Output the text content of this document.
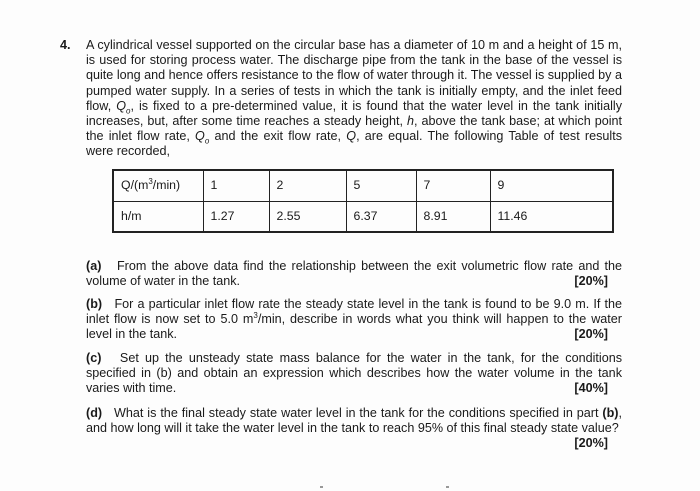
4. A cylindrical vessel supported on the circular base has a diameter of 10 m and a height of 15 m, is used for storing process water. The discharge pipe from the tank in the base of the vessel is quite long and hence offers resistance to the flow of water through it. The vessel is supplied by a pumped water supply. In a series of tests in which the tank is initially empty, and the inlet feed flow, $Q_o$, is fixed to a pre-determined value, it is found that the water level in the tank initially increases, but, after some time reaches a steady height, h, above the tank base; at which point the inlet flow rate, $Q_o$ and the exit flow rate, Q, are equal. The following Table of test results were recorded,
$Q/(m^3/\min)$	1	2	5	7	9
h/m	1.27	2.55	6.37	8.91	11.46
(a) From the above data find the relationship between the exit volumetric flow rate and the volume of water in the tank.	[20%]
(b) For a particular inlet flow rate the steady state level in the tank is found to be 9.0 m. If the inlet flow is now set to 5.0 $m^3/\min$, describe in words what you think will happen to the water level in the tank.	[20%]
(c) Set up the unsteady state mass balance for the water in the tank, for the conditions specified in (b) and obtain an expression which describes how the water volume in the tank varies with time.	[40%]
(d) What is the final steady state water level in the tank for the conditions specified in part (b), and how long will it take the water level in the tank to reach 95% of this final steady state value?
[20%]
